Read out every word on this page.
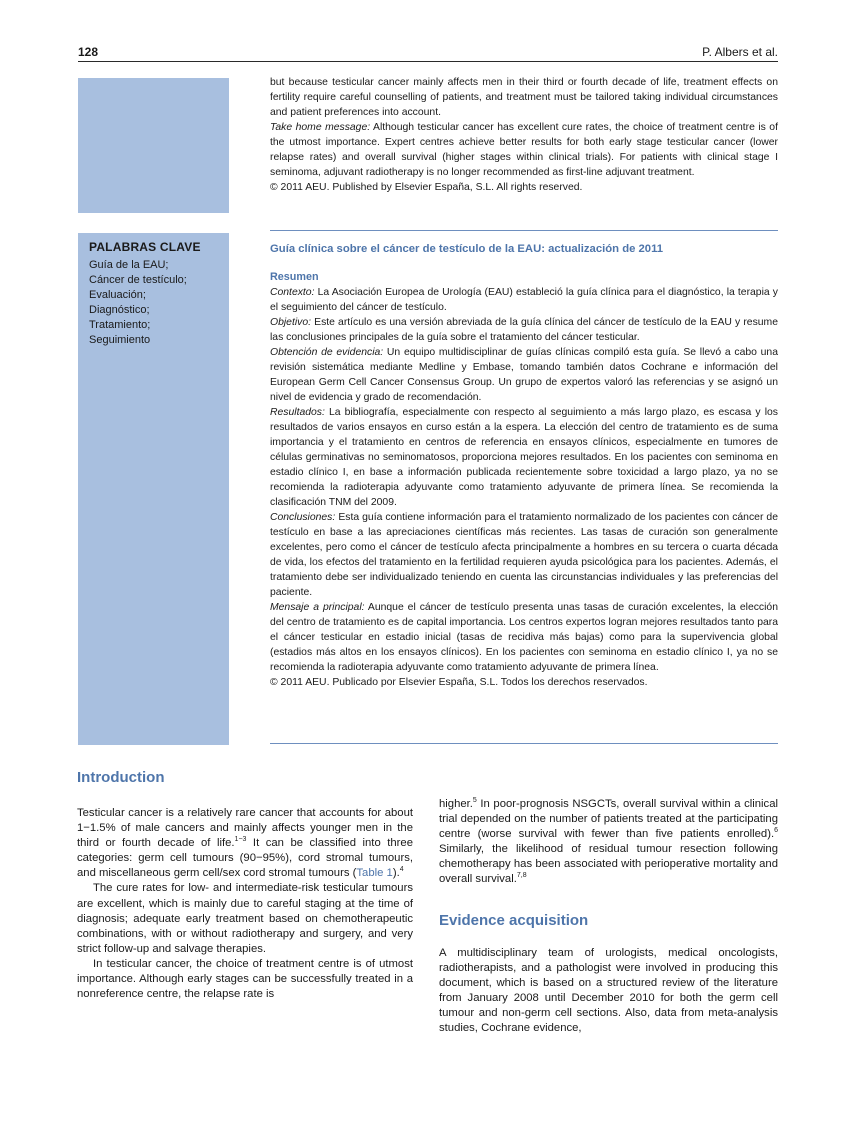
128	P. Albers et al.
PALABRAS CLAVE
Guía de la EAU;
Cáncer de testículo;
Evaluación;
Diagnóstico;
Tratamiento;
Seguimiento

but because testicular cancer mainly affects men in their third or fourth decade of life, treatment effects on fertility require careful counselling of patients, and treatment must be tailored taking individual circumstances and patient preferences into account.

Take home message: Although testicular cancer has excellent cure rates, the choice of treatment centre is of the utmost importance. Expert centres achieve better results for both early stage testicular cancer (lower relapse rates) and overall survival (higher stages within clinical trials). For patients with clinical stage I seminoma, adjuvant radiotherapy is no longer recommended as first-line adjuvant treatment.

© 2011 AEU. Published by Elsevier España, S.L. All rights reserved.

Guía clínica sobre el cáncer de testículo de la EAU: actualización de 2011
Resumen

Contexto: La Asociación Europea de Urología (EAU) estableció la guía clínica para el diagnóstico, la terapia y el seguimiento del cáncer de testículo.

Objetivo: Este artículo es una versión abreviada de la guía clínica del cáncer de testículo de la EAU y resume las conclusiones principales de la guía sobre el tratamiento del cáncer testicular.

Obtención de evidencia: Un equipo multidisciplinar de guías clínicas compiló esta guía. Se llevó a cabo una revisión sistemática mediante Medline y Embase, tomando también datos Cochrane e información del European Germ Cell Cancer Consensus Group. Un grupo de expertos valoró las referencias y se asignó un nivel de evidencia y grado de recomendación.

Resultados: La bibliografía, especialmente con respecto al seguimiento a más largo plazo, es escasa y los resultados de varios ensayos en curso están a la espera. La elección del centro de tratamiento es de suma importancia y el tratamiento en centros de referencia en ensayos clínicos, especialmente en tumores de células germinativas no seminomatosos, proporciona mejores resultados. En los pacientes con seminoma en estadio clínico I, en base a información publicada recientemente sobre toxicidad a largo plazo, ya no se recomienda la radioterapia adyuvante como tratamiento adyuvante de primera línea. Se recomienda la clasificación TNM del 2009.

Conclusiones: Esta guía contiene información para el tratamiento normalizado de los pacientes con cáncer de testículo en base a las apreciaciones científicas más recientes. Las tasas de curación son generalmente excelentes, pero como el cáncer de testículo afecta principalmente a hombres en su tercera o cuarta década de vida, los efectos del tratamiento en la fertilidad requieren ayuda psicológica para los pacientes. Además, el tratamiento debe ser individualizado teniendo en cuenta las circunstancias individuales y las preferencias del paciente.

Mensaje a principal: Aunque el cáncer de testículo presenta unas tasas de curación excelentes, la elección del centro de tratamiento es de capital importancia. Los centros expertos logran mejores resultados tanto para el cáncer testicular en estadio inicial (tasas de recidiva más bajas) como para la supervivencia global (estadios más altos en los ensayos clínicos). En los pacientes con seminoma en estadio clínico I, ya no se recomienda la radioterapia adyuvante como tratamiento adyuvante de primera línea.

© 2011 AEU. Publicado por Elsevier España, S.L. Todos los derechos reservados.

Introduction

Testicular cancer is a relatively rare cancer that accounts for about 1−1.5% of male cancers and mainly affects younger men in the third or fourth decade of life.$^{1-3}$ It can be classified into three categories: germ cell tumours (90−95%), cord stromal tumours, and miscellaneous germ cell/sex cord stromal tumours (Table 1).$^4$

The cure rates for low- and intermediate-risk testicular tumours are excellent, which is mainly due to careful staging at the time of diagnosis; adequate early treatment based on chemotherapeutic combinations, with or without radiotherapy and surgery, and very strict follow-up and salvage therapies.

In testicular cancer, the choice of treatment centre is of utmost importance. Although early stages can be successfully treated in a nonreference centre, the relapse rate is

higher.$^5$ In poor-prognosis NSGCTs, overall survival within a clinical trial depended on the number of patients treated at the participating centre (worse survival with fewer than five patients enrolled).$^6$ Similarly, the likelihood of residual tumour resection following chemotherapy has been associated with perioperative mortality and overall survival.$^{7,8}$

Evidence acquisition

A multidisciplinary team of urologists, medical oncologists, radiotherapists, and a pathologist were involved in producing this document, which is based on a structured review of the literature from January 2008 until December 2010 for both the germ cell tumour and non-germ cell sections. Also, data from meta-analysis studies, Cochrane evidence,
